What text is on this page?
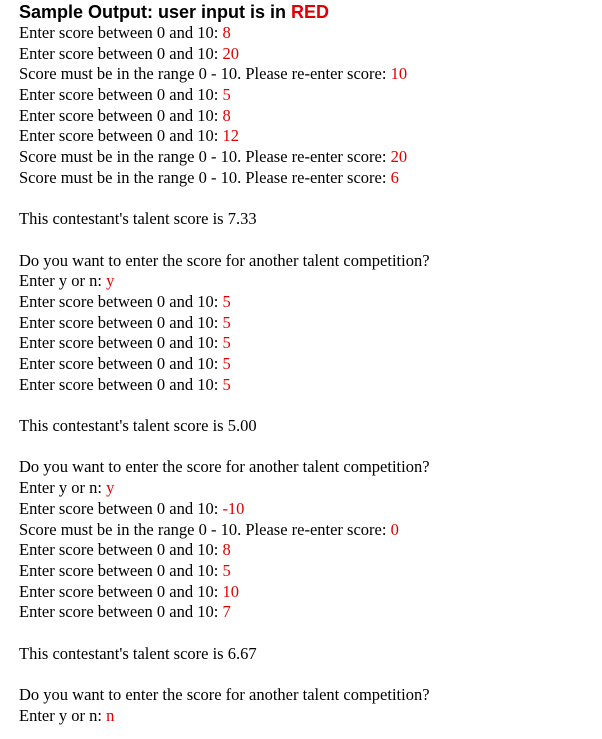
Sample Output: user input is in RED
Enter score between 0 and 10: 8
Enter score between 0 and 10: 20
Score must be in the range 0 - 10. Please re-enter score: 10
Enter score between 0 and 10: 5
Enter score between 0 and 10: 8
Enter score between 0 and 10: 12
Score must be in the range 0 - 10. Please re-enter score: 20
Score must be in the range 0 - 10. Please re-enter score: 6
This contestant's talent score is 7.33
Do you want to enter the score for another talent competition?
Enter y or n: y
Enter score between 0 and 10: 5
Enter score between 0 and 10: 5
Enter score between 0 and 10: 5
Enter score between 0 and 10: 5
Enter score between 0 and 10: 5
This contestant's talent score is 5.00
Do you want to enter the score for another talent competition?
Enter y or n: y
Enter score between 0 and 10: -10
Score must be in the range 0 - 10. Please re-enter score: 0
Enter score between 0 and 10: 8
Enter score between 0 and 10: 5
Enter score between 0 and 10: 10
Enter score between 0 and 10: 7
This contestant's talent score is 6.67
Do you want to enter the score for another talent competition?
Enter y or n: n
